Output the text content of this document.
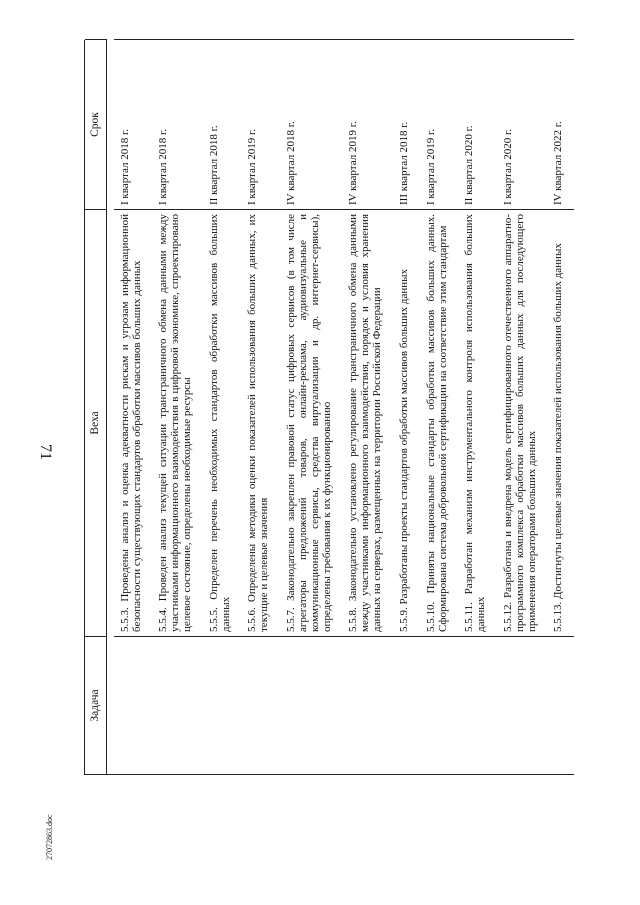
71
27072863.doc
Задача
Веха
Срок
5.5.3. Проведены анализ и оценка адекватности рискам и угрозам информационной безопасности существующих стандартов обработки массивов больших данных
I квартал 2018 г.
5.5.4. Проведен анализ текущей ситуации трансграничного обмена данными между участниками информационного взаимодействия в цифровой экономике, спроектировано целевое состояние, определены необходимые ресурсы
I квартал 2018 г.
5.5.5. Определен перечень необходимых стандартов обработки массивов больших данных
II квартал 2018 г.
5.5.6. Определены методики оценки показателей использования больших данных, их текущие и целевые значения
I квартал 2019 г.
5.5.7. Законодательно закреплен правовой статус цифровых сервисов (в том числе агрегаторы предложений товаров, онлайн-реклама, аудиовизуальные и коммуникационные сервисы, средства виртуализации и др. интернет-сервисы), определены требования к их функционированию
IV квартал 2018 г.
5.5.8. Законодательно установлено регулирование трансграничного обмена данными между участниками информационного взаимодействия, порядок и условия хранения данных на серверах, размещенных на территории Российской Федерации
IV квартал 2019 г.
5.5.9. Разработаны проекты стандартов обработки массивов больших данных
III квартал 2018 г.
5.5.10. Приняты национальные стандарты обработки массивов больших данных. Сформирована система добровольной сертификации на соответствие этим стандартам
I квартал 2019 г.
5.5.11. Разработан механизм инструментального контроля использования больших данных
II квартал 2020 г.
5.5.12. Разработана и внедрена модель сертифицированного отечественного аппаратно-программного комплекса обработки массивов больших данных для последующего применения операторами больших данных
I квартал 2020 г.
5.5.13. Достигнуты целевые значения показателей использования больших данных
IV квартал 2022 г.
